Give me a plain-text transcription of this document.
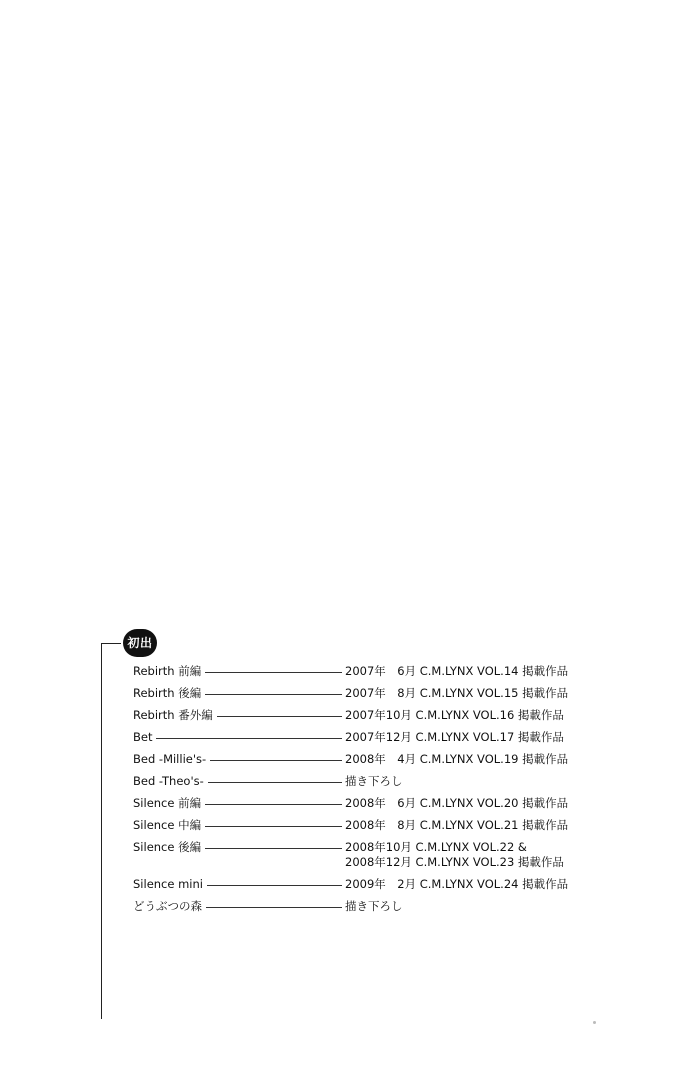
初出
Rebirth 前編	2007年　6月 C.M.LYNX VOL.14 掲載作品
Rebirth 後編	2007年　8月 C.M.LYNX VOL.15 掲載作品
Rebirth 番外編	2007年10月 C.M.LYNX VOL.16 掲載作品
Bet	2007年12月 C.M.LYNX VOL.17 掲載作品
Bed -Millie's-	2008年　4月 C.M.LYNX VOL.19 掲載作品
Bed -Theo's-	描き下ろし
Silence 前編	2008年　6月 C.M.LYNX VOL.20 掲載作品
Silence 中編	2008年　8月 C.M.LYNX VOL.21 掲載作品
Silence 後編	2008年10月 C.M.LYNX VOL.22 &
2008年12月 C.M.LYNX VOL.23 掲載作品
Silence mini	2009年　2月 C.M.LYNX VOL.24 掲載作品
どうぶつの森	描き下ろし
